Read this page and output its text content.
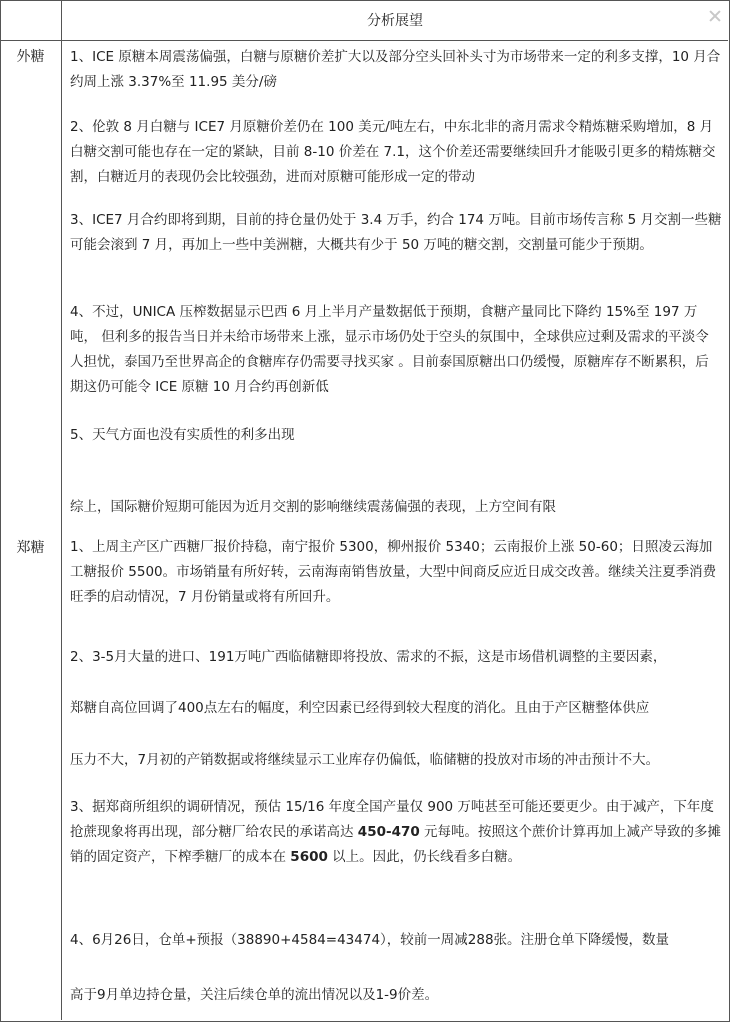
分析展望
外糖	1、ICE 原糖本周震荡偏强，白糖与原糖价差扩大以及部分空头回补头寸为市场带来一定的利多支撑，10 月合约周上涨 3.37%至 11.95 美分/磅
2、伦敦 8 月白糖与 ICE7 月原糖价差仍在 100 美元/吨左右，中东北非的斋月需求令精炼糖采购增加，8 月白糖交割可能也存在一定的紧缺，目前 8-10 价差在 7.1，这个价差还需要继续回升才能吸引更多的精炼糖交割，白糖近月的表现仍会比较强劲，进而对原糖可能形成一定的带动
3、ICE7 月合约即将到期，目前的持仓量仍处于 3.4 万手，约合 174 万吨。目前市场传言称 5 月交割一些糖可能会滚到 7 月，再加上一些中美洲糖，大概共有少于 50 万吨的糖交割，交割量可能少于预期。
4、不过，UNICA 压榨数据显示巴西 6 月上半月产量数据低于预期，食糖产量同比下降约 15%至 197 万吨， 但利多的报告当日并未给市场带来上涨，显示市场仍处于空头的氛围中，全球供应过剩及需求的平淡令人担忧，泰国乃至世界高企的食糖库存仍需要寻找买家 。目前泰国原糖出口仍缓慢，原糖库存不断累积，后期这仍可能令 ICE 原糖 10 月合约再创新低
5、天气方面也没有实质性的利多出现
综上，国际糖价短期可能因为近月交割的影响继续震荡偏强的表现，上方空间有限
郑糖	1、上周主产区广西糖厂报价持稳，南宁报价 5300，柳州报价 5340；云南报价上涨 50-60；日照凌云海加工糖报价 5500。市场销量有所好转，云南海南销售放量，大型中间商反应近日成交改善。继续关注夏季消费旺季的启动情况，7 月份销量或将有所回升。
2、3-5月大量的进口、191万吨广西临储糖即将投放、需求的不振，这是市场借机调整的主要因素，
郑糖自高位回调了400点左右的幅度，利空因素已经得到较大程度的消化。且由于产区糖整体供应
压力不大，7月初的产销数据或将继续显示工业库存仍偏低，临储糖的投放对市场的冲击预计不大。
3、据郑商所组织的调研情况，预估 15/16 年度全国产量仅 900 万吨甚至可能还要更少。由于减产，下年度抢蔗现象将再出现，部分糖厂给农民的承诺高达 450-470 元每吨。按照这个蔗价计算再加上减产导致的多摊销的固定资产，下榨季糖厂的成本在 5600 以上。因此，仍长线看多白糖。
4、6月26日，仓单+预报（38890+4584=43474），较前一周减288张。注册仓单下降缓慢，数量
高于9月单边持仓量，关注后续仓单的流出情况以及1-9价差。
